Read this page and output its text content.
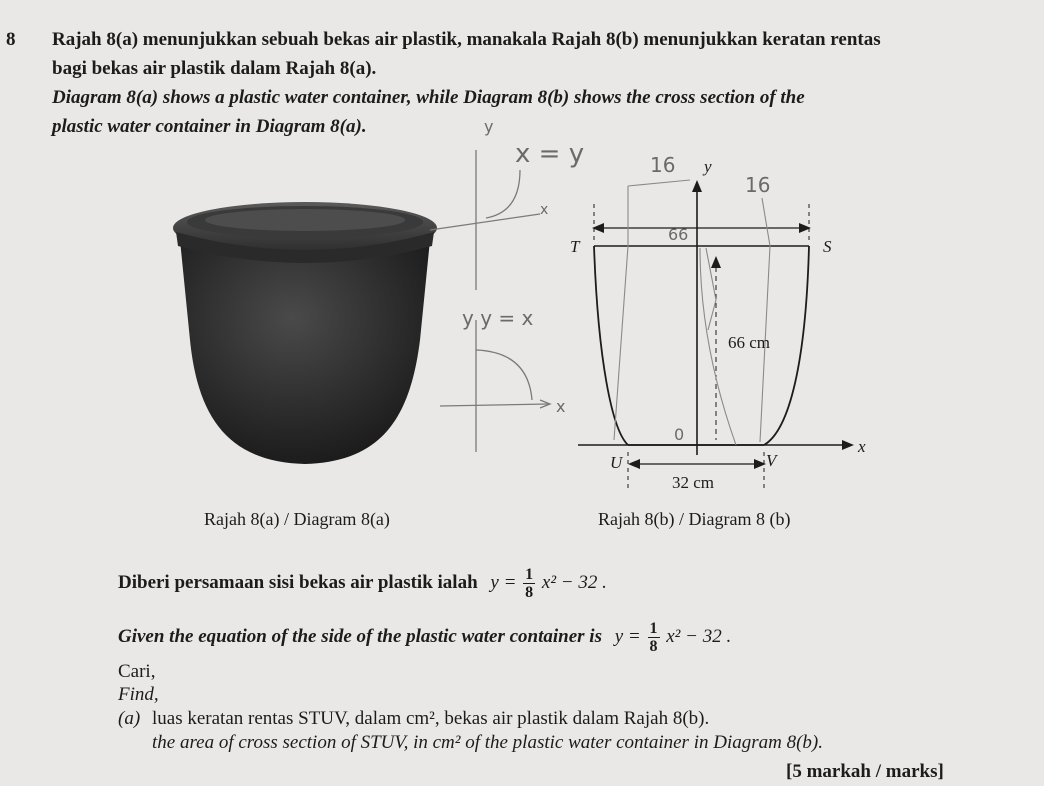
8 Rajah 8(a) menunjukkan sebuah bekas air plastik, manakala Rajah 8(b) menunjukkan keratan rentas
bagi bekas air plastik dalam Rajah 8(a).
Diagram 8(a) shows a plastic water container, while Diagram 8(b) shows the cross section of the
plastic water container in Diagram 8(a).
x = y	16
16
66
y y = x
y
x
x
0
y
x
S
T
U	V
66 cm
32 cm
Rajah 8(a) / Diagram 8(a)	Rajah 8(b) / Diagram 8 (b)
Diberi persamaan sisi bekas air plastik ialah $y = \frac{1}{8} x^2 - 32$ .
Given the equation of the side of the plastic water container is $y = \frac{1}{8} x^2 - 32$ .
Cari,
Find,
(a) luas keratan rentas STUV, dalam cm², bekas air plastik dalam Rajah 8(b).
the area of cross section of STUV, in cm² of the plastic water container in Diagram 8(b).
[5 markah / marks]
